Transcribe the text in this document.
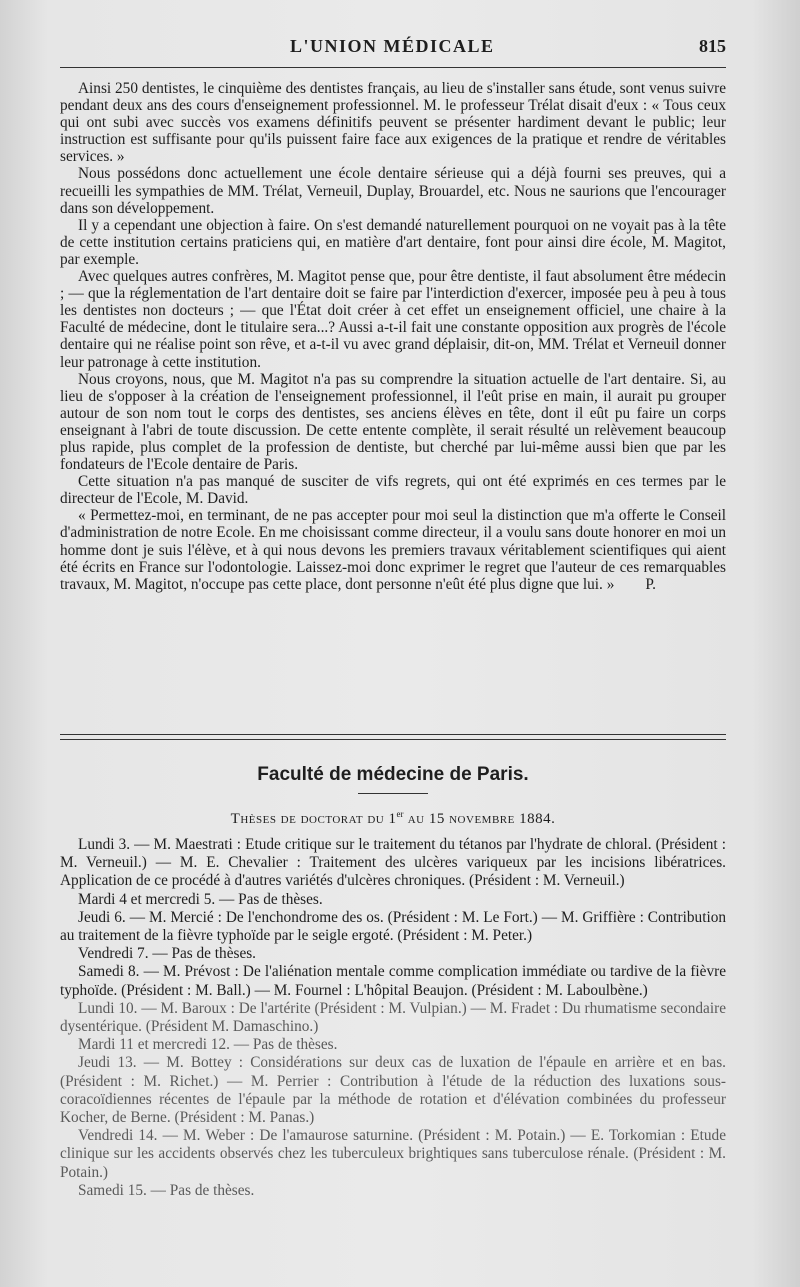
L'UNION MÉDICALE	815

Ainsi 250 dentistes, le cinquième des dentistes français, au lieu de s'installer sans étude, sont venus suivre pendant deux ans des cours d'enseignement professionnel. M. le professeur Trélat disait d'eux : « Tous ceux qui ont subi avec succès vos examens définitifs peuvent se présenter hardiment devant le public; leur instruction est suffisante pour qu'ils puissent faire face aux exigences de la pratique et rendre de véritables services. »

Nous possédons donc actuellement une école dentaire sérieuse qui a déjà fourni ses preuves, qui a recueilli les sympathies de MM. Trélat, Verneuil, Duplay, Brouardel, etc. Nous ne saurions que l'encourager dans son développement.

Il y a cependant une objection à faire. On s'est demandé naturellement pourquoi on ne voyait pas à la tête de cette institution certains praticiens qui, en matière d'art dentaire, font pour ainsi dire école, M. Magitot, par exemple.

Avec quelques autres confrères, M. Magitot pense que, pour être dentiste, il faut absolument être médecin ; — que la réglementation de l'art dentaire doit se faire par l'interdiction d'exercer, imposée peu à peu à tous les dentistes non docteurs ; — que l'État doit créer à cet effet un enseignement officiel, une chaire à la Faculté de médecine, dont le titulaire sera...? Aussi a-t-il fait une constante opposition aux progrès de l'école dentaire qui ne réalise point son rêve, et a-t-il vu avec grand déplaisir, dit-on, MM. Trélat et Verneuil donner leur patronage à cette institution.

Nous croyons, nous, que M. Magitot n'a pas su comprendre la situation actuelle de l'art dentaire. Si, au lieu de s'opposer à la création de l'enseignement professionnel, il l'eût prise en main, il aurait pu grouper autour de son nom tout le corps des dentistes, ses anciens élèves en tête, dont il eût pu faire un corps enseignant à l'abri de toute discussion. De cette entente complète, il serait résulté un relèvement beaucoup plus rapide, plus complet de la profession de dentiste, but cherché par lui-même aussi bien que par les fondateurs de l'Ecole dentaire de Paris.

Cette situation n'a pas manqué de susciter de vifs regrets, qui ont été exprimés en ces termes par le directeur de l'Ecole, M. David.

« Permettez-moi, en terminant, de ne pas accepter pour moi seul la distinction que m'a offerte le Conseil d'administration de notre Ecole. En me choisissant comme directeur, il a voulu sans doute honorer en moi un homme dont je suis l'élève, et à qui nous devons les premiers travaux véritablement scientifiques qui aient été écrits en France sur l'odontologie. Laissez-moi donc exprimer le regret que l'auteur de ces remarquables travaux, M. Magitot, n'occupe pas cette place, dont personne n'eût été plus digne que lui. »	P.

Faculté de médecine de Paris.
Thèses de doctorat du 1er au 15 novembre 1884.

Lundi 3. — M. Maestrati : Etude critique sur le traitement du tétanos par l'hydrate de chloral. (Président : M. Verneuil.) — M. E. Chevalier : Traitement des ulcères variqueux par les incisions libératrices. Application de ce procédé à d'autres variétés d'ulcères chroniques. (Président : M. Verneuil.)

Mardi 4 et mercredi 5. — Pas de thèses.

Jeudi 6. — M. Mercié : De l'enchondrome des os. (Président : M. Le Fort.) — M. Griffière : Contribution au traitement de la fièvre typhoïde par le seigle ergoté. (Président : M. Peter.)

Vendredi 7. — Pas de thèses.

Samedi 8. — M. Prévost : De l'aliénation mentale comme complication immédiate ou tardive de la fièvre typhoïde. (Président : M. Ball.) — M. Fournel : L'hôpital Beaujon. (Président : M. Laboulbène.)

Lundi 10. — M. Baroux : De l'artérite (Président : M. Vulpian.) — M. Fradet : Du rhumatisme secondaire dysentérique. (Président M. Damaschino.)

Mardi 11 et mercredi 12. — Pas de thèses.

Jeudi 13. — M. Bottey : Considérations sur deux cas de luxation de l'épaule en arrière et en bas. (Président : M. Richet.) — M. Perrier : Contribution à l'étude de la réduction des luxations sous-coracoïdiennes récentes de l'épaule par la méthode de rotation et d'élévation combinées du professeur Kocher, de Berne. (Président : M. Panas.)

Vendredi 14. — M. Weber : De l'amaurose saturnine. (Président : M. Potain.) — E. Torkomian : Etude clinique sur les accidents observés chez les tuberculeux brightiques sans tuberculose rénale. (Président : M. Potain.)

Samedi 15. — Pas de thèses.
